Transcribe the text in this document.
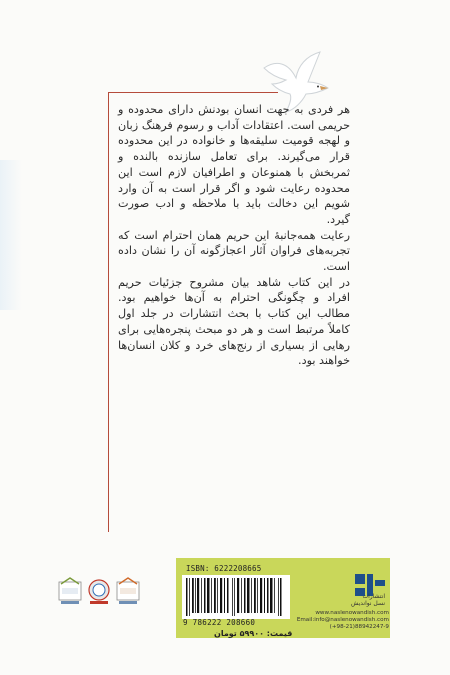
هر فردی به جهت انسان بودنش دارای محدوده و حریمی است. اعتقادات آداب و رسوم فرهنگ زبان و لهجه قومیت سلیقه‌ها و خانواده در این محدوده قرار می‌گیرند. برای تعامل سازنده بالنده و ثمربخش با همنوعان و اطرافیان لازم است این محدوده رعایت شود و اگر قرار است به آن وارد شویم این دخالت باید با ملاحظه و ادب صورت گیرد.

رعایت همه‌جانبهٔ این حریم همان احترام است که تجربه‌های فراوان آثار اعجازگونه آن را نشان داده است.

در این کتاب شاهد بیان مشروح جزئیات حریم افراد و چگونگی احترام به آن‌ها خواهیم بود. مطالب این کتاب با بحث انتشارات در جلد اول کاملاً مرتبط است و هر دو مبحث پنجره‌هایی برای رهایی از بسیاری از رنج‌های خرد و کلان انسان‌ها خواهند بود.

ISBN: 6222208665
9 786222 208660
قیمت: ۵۹۹۰۰ تومان
انتشارات
نسل نواندیش
www.naslenowandish.com
Email:info@naslenowandish.com
(+98-21)88942247-9
